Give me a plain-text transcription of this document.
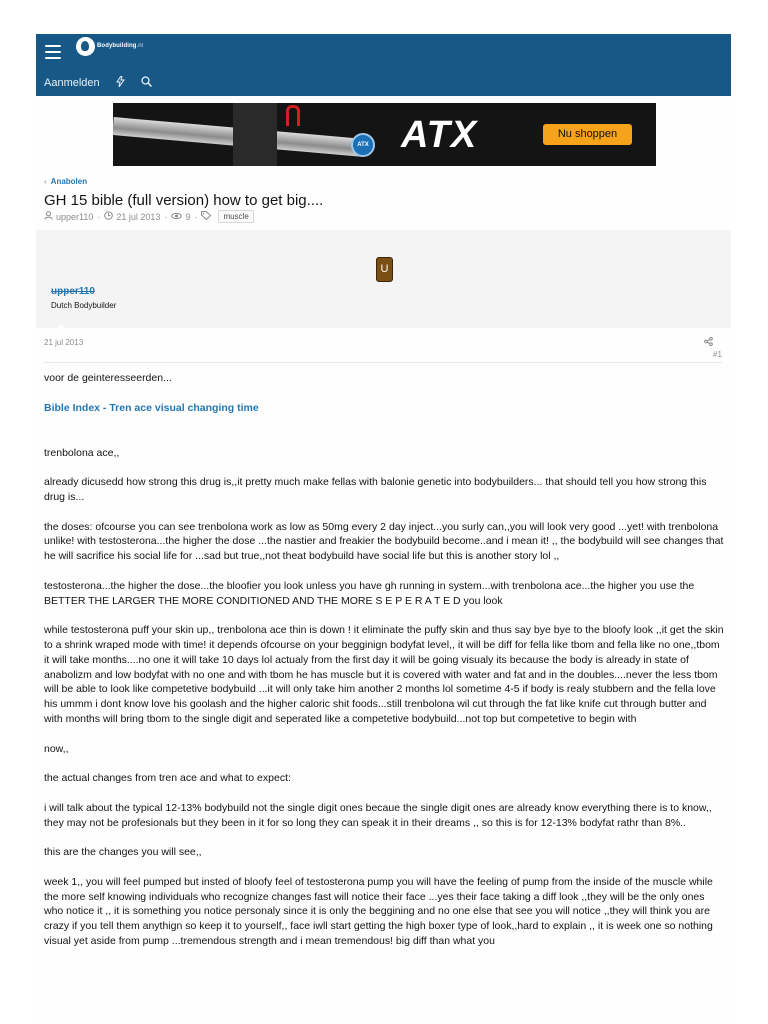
Bodybuilding.nl
Aanmelden
ATX ATX	Nu shoppen
‹ Anabolen
GH 15 bible (full version) how to get big....
upper110 · 21 jul 2013 · 9 ·	muscle
U
upper110
Dutch Bodybuilder
21 jul 2013
#1

voor de geinteresseerden...

Bible Index - Tren ace visual changing time

trenbolona ace,,

already dicusedd how strong this drug is,,it pretty much make fellas with balonie genetic into bodybuilders... that should tell you how strong this drug is...

the doses: ofcourse you can see trenbolona work as low as 50mg every 2 day inject...you surly can,,you will look very good ...yet! with trenbolona unlike! with testosterona...the higher the dose ...the nastier and freakier the bodybuild become..and i mean it! ,, the bodybuild will see changes that he will sacrifice his social life for ...sad but true,,not theat bodybuild have social life but this is another story lol ,,

testosterona...the higher the dose...the bloofier you look unless you have gh running in system...with trenbolona ace...the higher you use the BETTER THE LARGER THE MORE CONDITIONED AND THE MORE S E P E R A T E D you look

while testosterona puff your skin up,, trenbolona ace thin is down ! it eliminate the puffy skin and thus say bye bye to the bloofy look ,,it get the skin to a shrink wraped mode with time! it depends ofcourse on your begginign bodyfat level,, it will be diff for fella like tbom and fella like no one,,tbom it will take months....no one it will take 10 days lol actualy from the first day it will be going visualy its because the body is already in state of anabolizm and low bodyfat with no one and with tbom he has muscle but it is covered with water and fat and in the doubles....never the less tbom will be able to look like competetive bodybuild ...it will only take him another 2 months lol sometime 4-5 if body is realy stubbern and the fella love his ummm i dont know love his goolash and the higher caloric shit foods...still trenbolona wil cut through the fat like knife cut through butter and with months will bring tbom to the single digit and seperated like a competetive bodybuild...not top but competetive to begin with

now,,

the actual changes from tren ace and what to expect:

i will talk about the typical 12-13% bodybuild not the single digit ones becaue the single digit ones are already know everything there is to know,, they may not be profesionals but they been in it for so long they can speak it in their dreams ,, so this is for 12-13% bodyfat rathr than 8%..

this are the changes you will see,,

week 1,, you will feel pumped but insted of bloofy feel of testosterona pump you will have the feeling of pump from the inside of the muscle while the more self knowing individuals who recognize changes fast will notice their face ...yes their face taking a diff look ,,they will be the only ones who notice it ,, it is something you notice personaly since it is only the beggining and no one else that see you will notice ,,they will think you are crazy if you tell them anythign so keep it to yourself,, face iwll start getting the high boxer type of look,,hard to explain ,, it is week one so nothing visual yet aside from pump ...tremendous strength and i mean tremendous! big diff than what you
